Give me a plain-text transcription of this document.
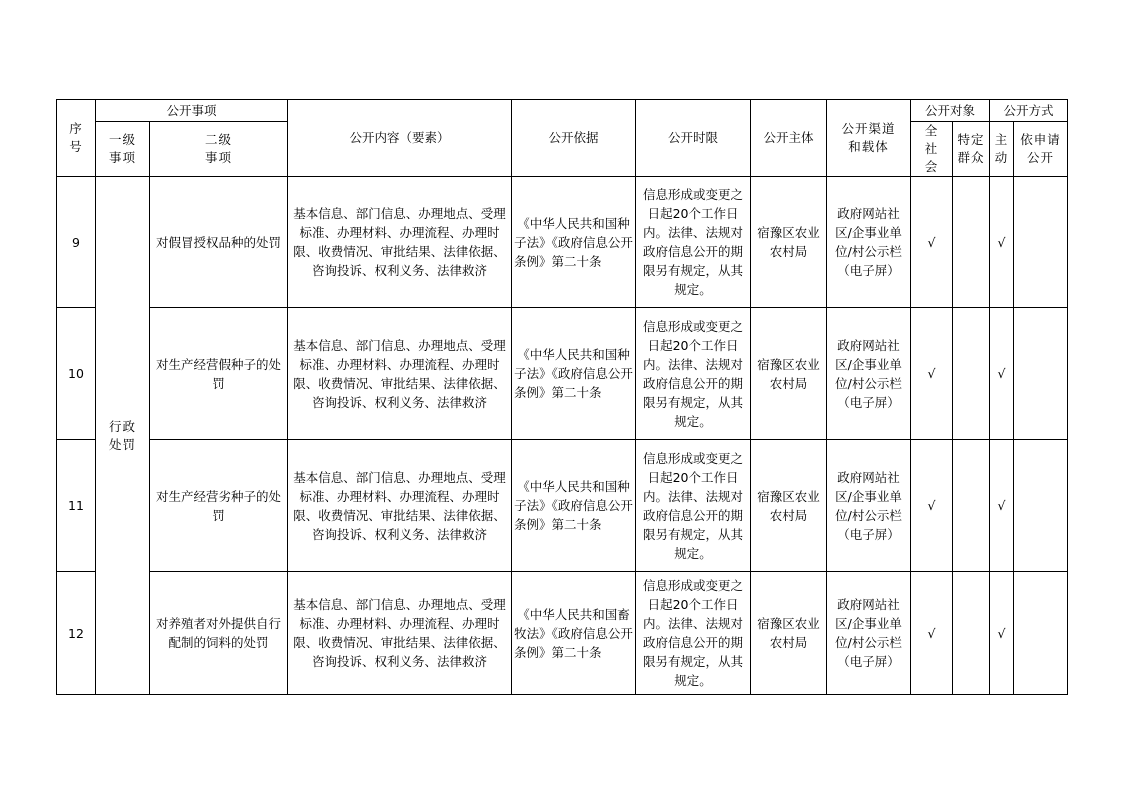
序号	公开事项		公开内容（要素）	公开依据	公开时限	公开主体	公开渠道和载体	公开对象		公开方式	
	一级事项	二级事项						全社会	特定群众	主动	依申请公开
9	行政处罚	对假冒授权品种的处罚	基本信息、部门信息、办理地点、受理标准、办理材料、办理流程、办理时限、收费情况、审批结果、法律依据、咨询投诉、权利义务、法律救济	《中华人民共和国种子法》《政府信息公开条例》第二十条	信息形成或变更之日起20个工作日内。法律、法规对政府信息公开的期限另有规定，从其规定。	宿豫区农业农村局	政府网站社区/企事业单位/村公示栏（电子屏）	√		√	
10		对生产经营假种子的处罚	基本信息、部门信息、办理地点、受理标准、办理材料、办理流程、办理时限、收费情况、审批结果、法律依据、咨询投诉、权利义务、法律救济	《中华人民共和国种子法》《政府信息公开条例》第二十条	信息形成或变更之日起20个工作日内。法律、法规对政府信息公开的期限另有规定，从其规定。	宿豫区农业农村局	政府网站社区/企事业单位/村公示栏（电子屏）	√		√	
11		对生产经营劣种子的处罚	基本信息、部门信息、办理地点、受理标准、办理材料、办理流程、办理时限、收费情况、审批结果、法律依据、咨询投诉、权利义务、法律救济	《中华人民共和国种子法》《政府信息公开条例》第二十条	信息形成或变更之日起20个工作日内。法律、法规对政府信息公开的期限另有规定，从其规定。	宿豫区农业农村局	政府网站社区/企事业单位/村公示栏（电子屏）	√		√	
12		对养殖者对外提供自行配制的饲料的处罚	基本信息、部门信息、办理地点、受理标准、办理材料、办理流程、办理时限、收费情况、审批结果、法律依据、咨询投诉、权利义务、法律救济	《中华人民共和国畜牧法》《政府信息公开条例》第二十条	信息形成或变更之日起20个工作日内。法律、法规对政府信息公开的期限另有规定，从其规定。	宿豫区农业农村局	政府网站社区/企事业单位/村公示栏（电子屏）	√		√	
